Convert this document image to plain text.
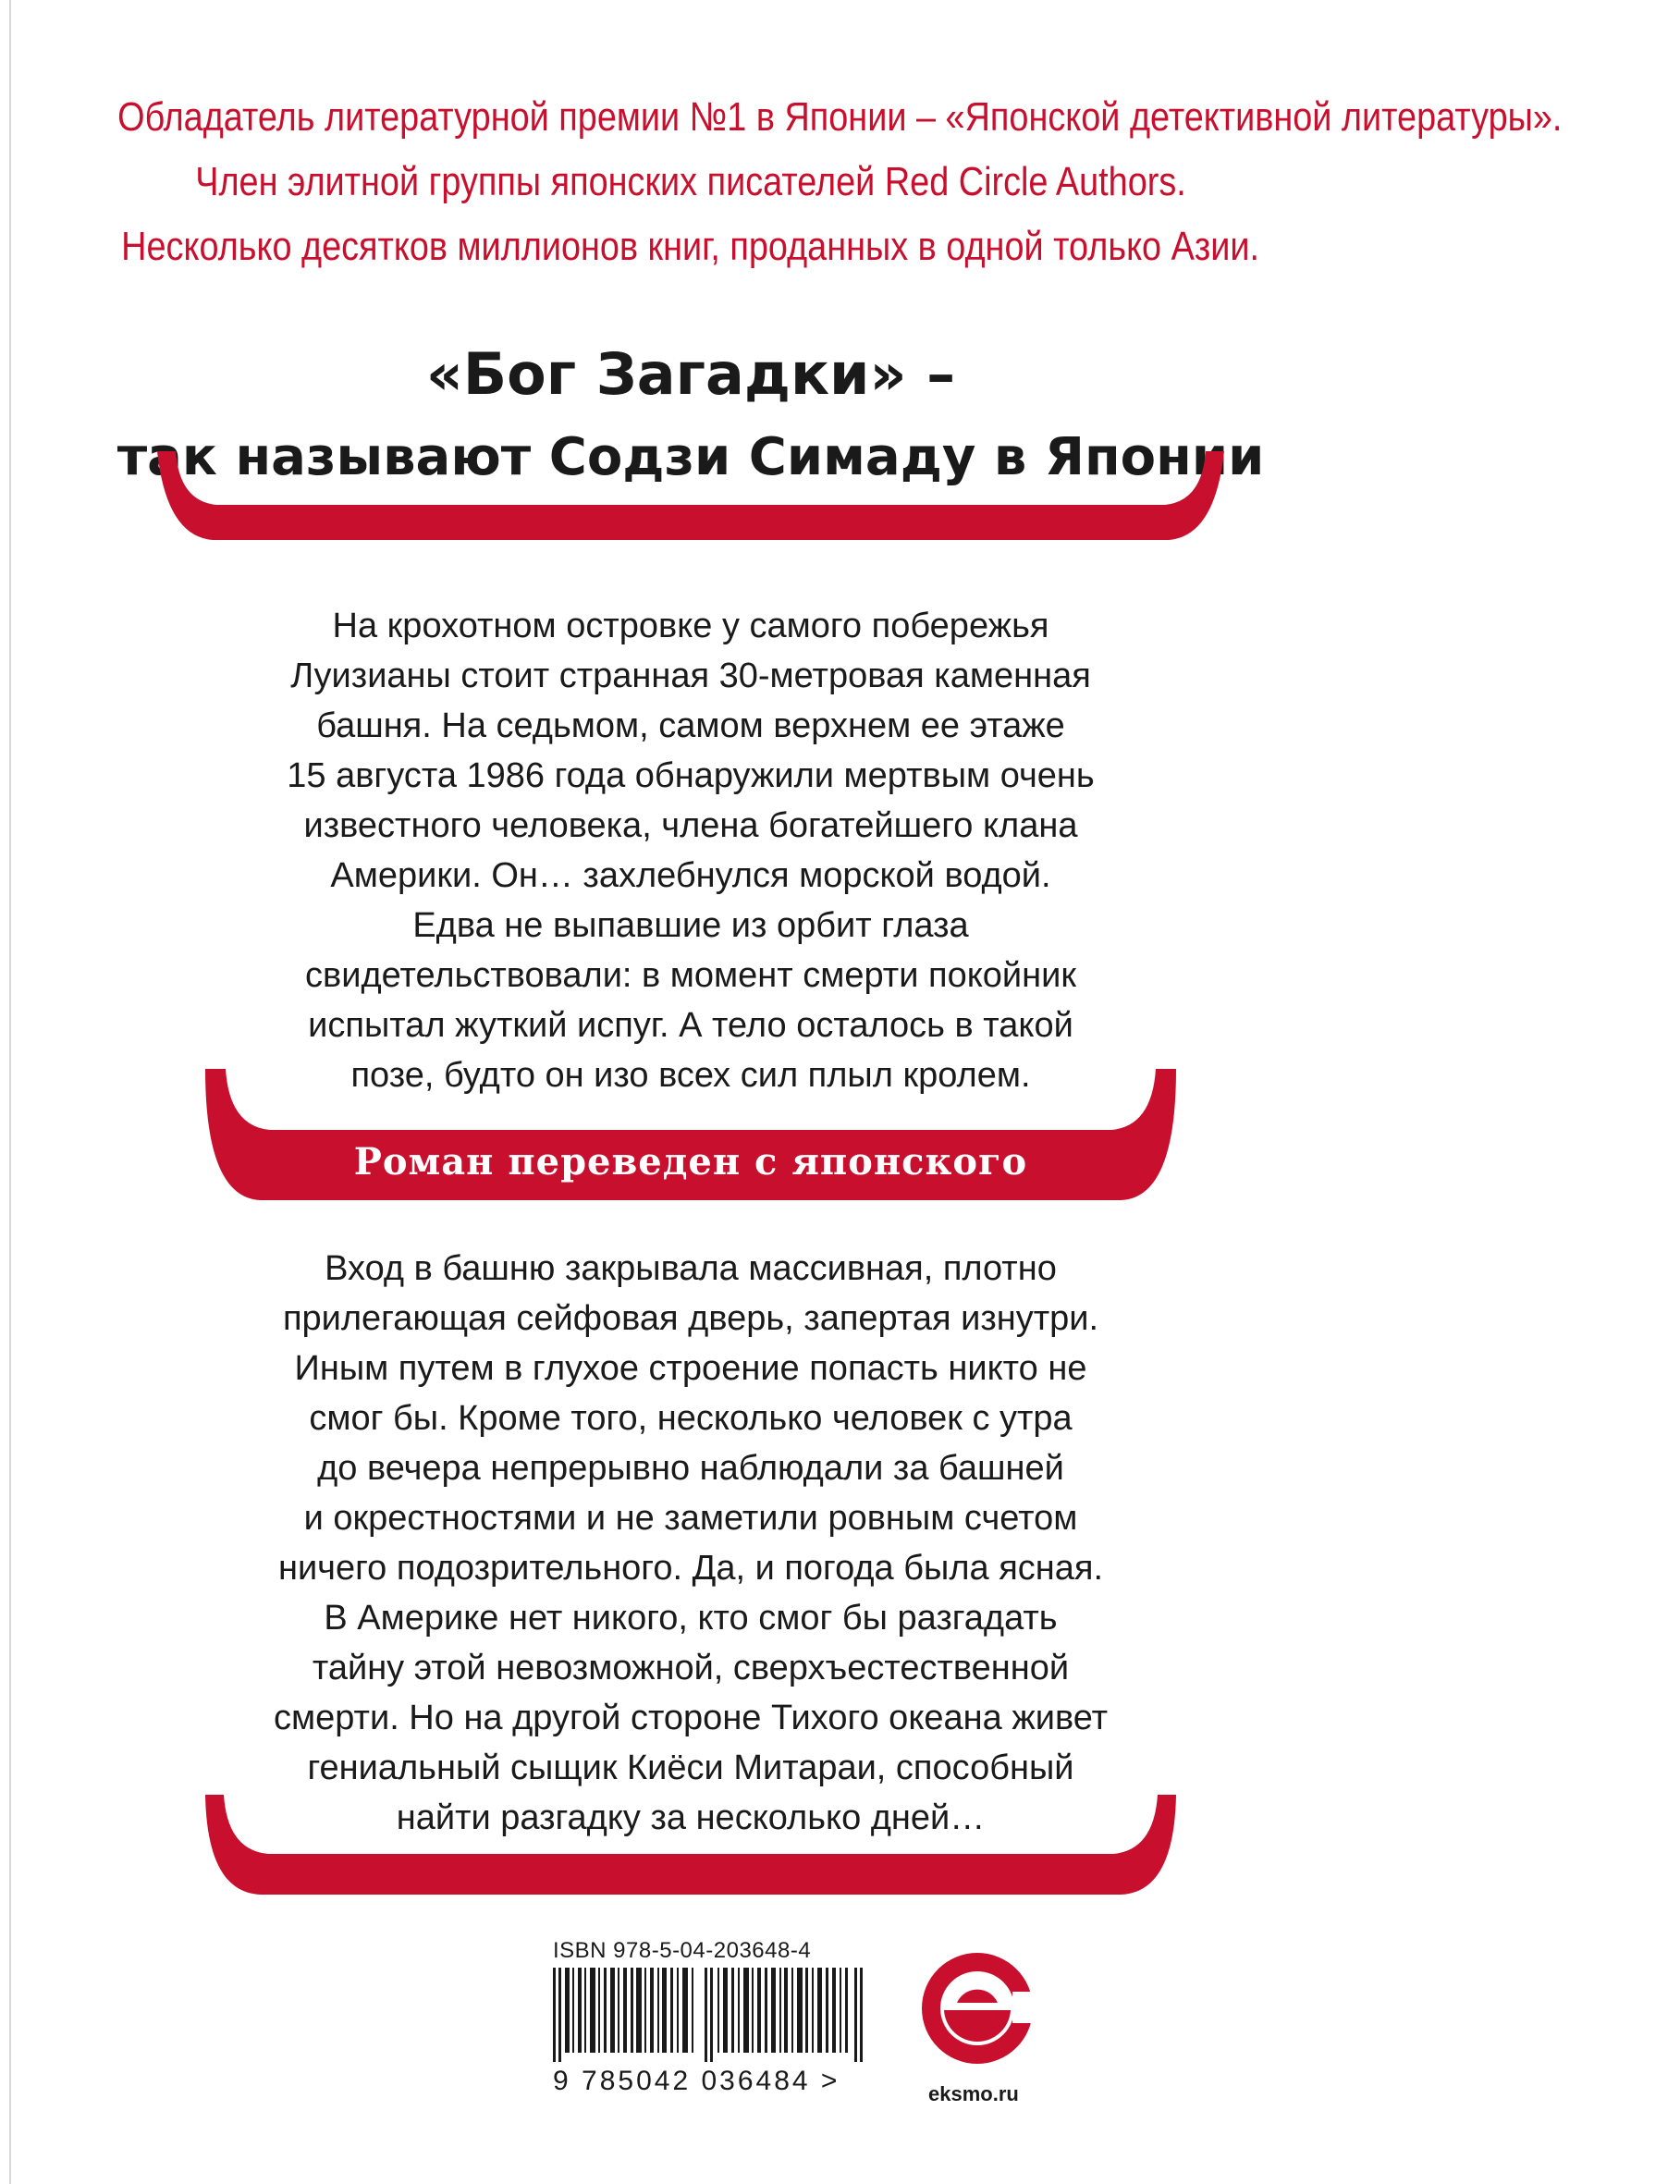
Обладатель литературной премии №1 в Японии – «Японской детективной литературы».
Член элитной группы японских писателей Red Circle Authors.
Несколько десятков миллионов книг, проданных в одной только Азии.
«Бог Загадки» –
так называют Содзи Симаду в Японии

На крохотном островке у самого побережья

Луизианы стоит странная 30-метровая каменная

башня. На седьмом, самом верхнем ее этаже

15 августа 1986 года обнаружили мертвым очень

известного человека, члена богатейшего клана

Америки. Он… захлебнулся морской водой.

Едва не выпавшие из орбит глаза

свидетельствовали: в момент смерти покойник

испытал жуткий испуг. А тело осталось в такой

позе, будто он изо всех сил плыл кролем.

Роман переведен с японского

Вход в башню закрывала массивная, плотно

прилегающая сейфовая дверь, запертая изнутри.

Иным путем в глухое строение попасть никто не

смог бы. Кроме того, несколько человек с утра

до вечера непрерывно наблюдали за башней

и окрестностями и не заметили ровным счетом

ничего подозрительного. Да, и погода была ясная.

В Америке нет никого, кто смог бы разгадать

тайну этой невозможной, сверхъестественной

смерти. Но на другой стороне Тихого океана живет

гениальный сыщик Киёси Митараи, способный

найти разгадку за несколько дней…

ISBN 978-5-04-203648-4
9 785042 036484 >	eksmo.ru
